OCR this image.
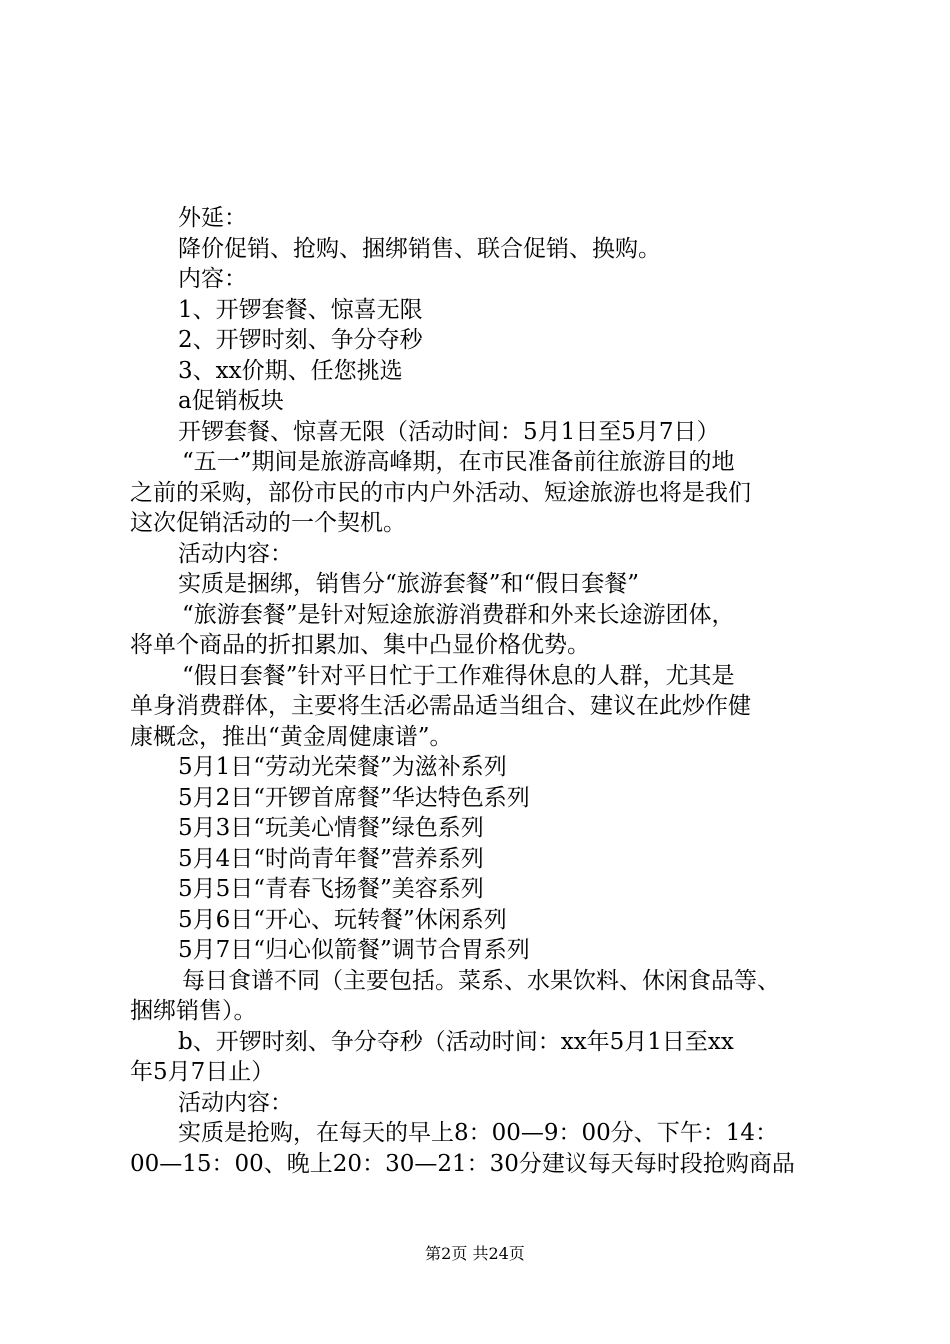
外延：
降价促销、抢购、捆绑销售、联合促销、换购。
内容：
1、开锣套餐、惊喜无限
2、开锣时刻、争分夺秒
3、xx价期、任您挑选
a促销板块
开锣套餐、惊喜无限（活动时间：5月1日至5月7日）
“五一”期间是旅游高峰期，在市民准备前往旅游目的地
之前的采购，部份市民的市内户外活动、短途旅游也将是我们
这次促销活动的一个契机。
活动内容：
实质是捆绑，销售分“旅游套餐”和“假日套餐”
“旅游套餐”是针对短途旅游消费群和外来长途游团体，
将单个商品的折扣累加、集中凸显价格优势。
“假日套餐”针对平日忙于工作难得休息的人群，尤其是
单身消费群体，主要将生活必需品适当组合、建议在此炒作健
康概念，推出“黄金周健康谱”。
5月1日“劳动光荣餐”为滋补系列
5月2日“开锣首席餐”华达特色系列
5月3日“玩美心情餐”绿色系列
5月4日“时尚青年餐”营养系列
5月5日“青春飞扬餐”美容系列
5月6日“开心、玩转餐”休闲系列
5月7日“归心似箭餐”调节合胃系列
每日食谱不同（主要包括。菜系、水果饮料、休闲食品等、
捆绑销售）。
b、开锣时刻、争分夺秒（活动时间：xx年5月1日至xx
年5月7日止）
活动内容：
实质是抢购，在每天的早上8：00—9：00分、下午：14：
00—15：00、晚上20：30—21：30分建议每天每时段抢购商品
第2页 共24页
